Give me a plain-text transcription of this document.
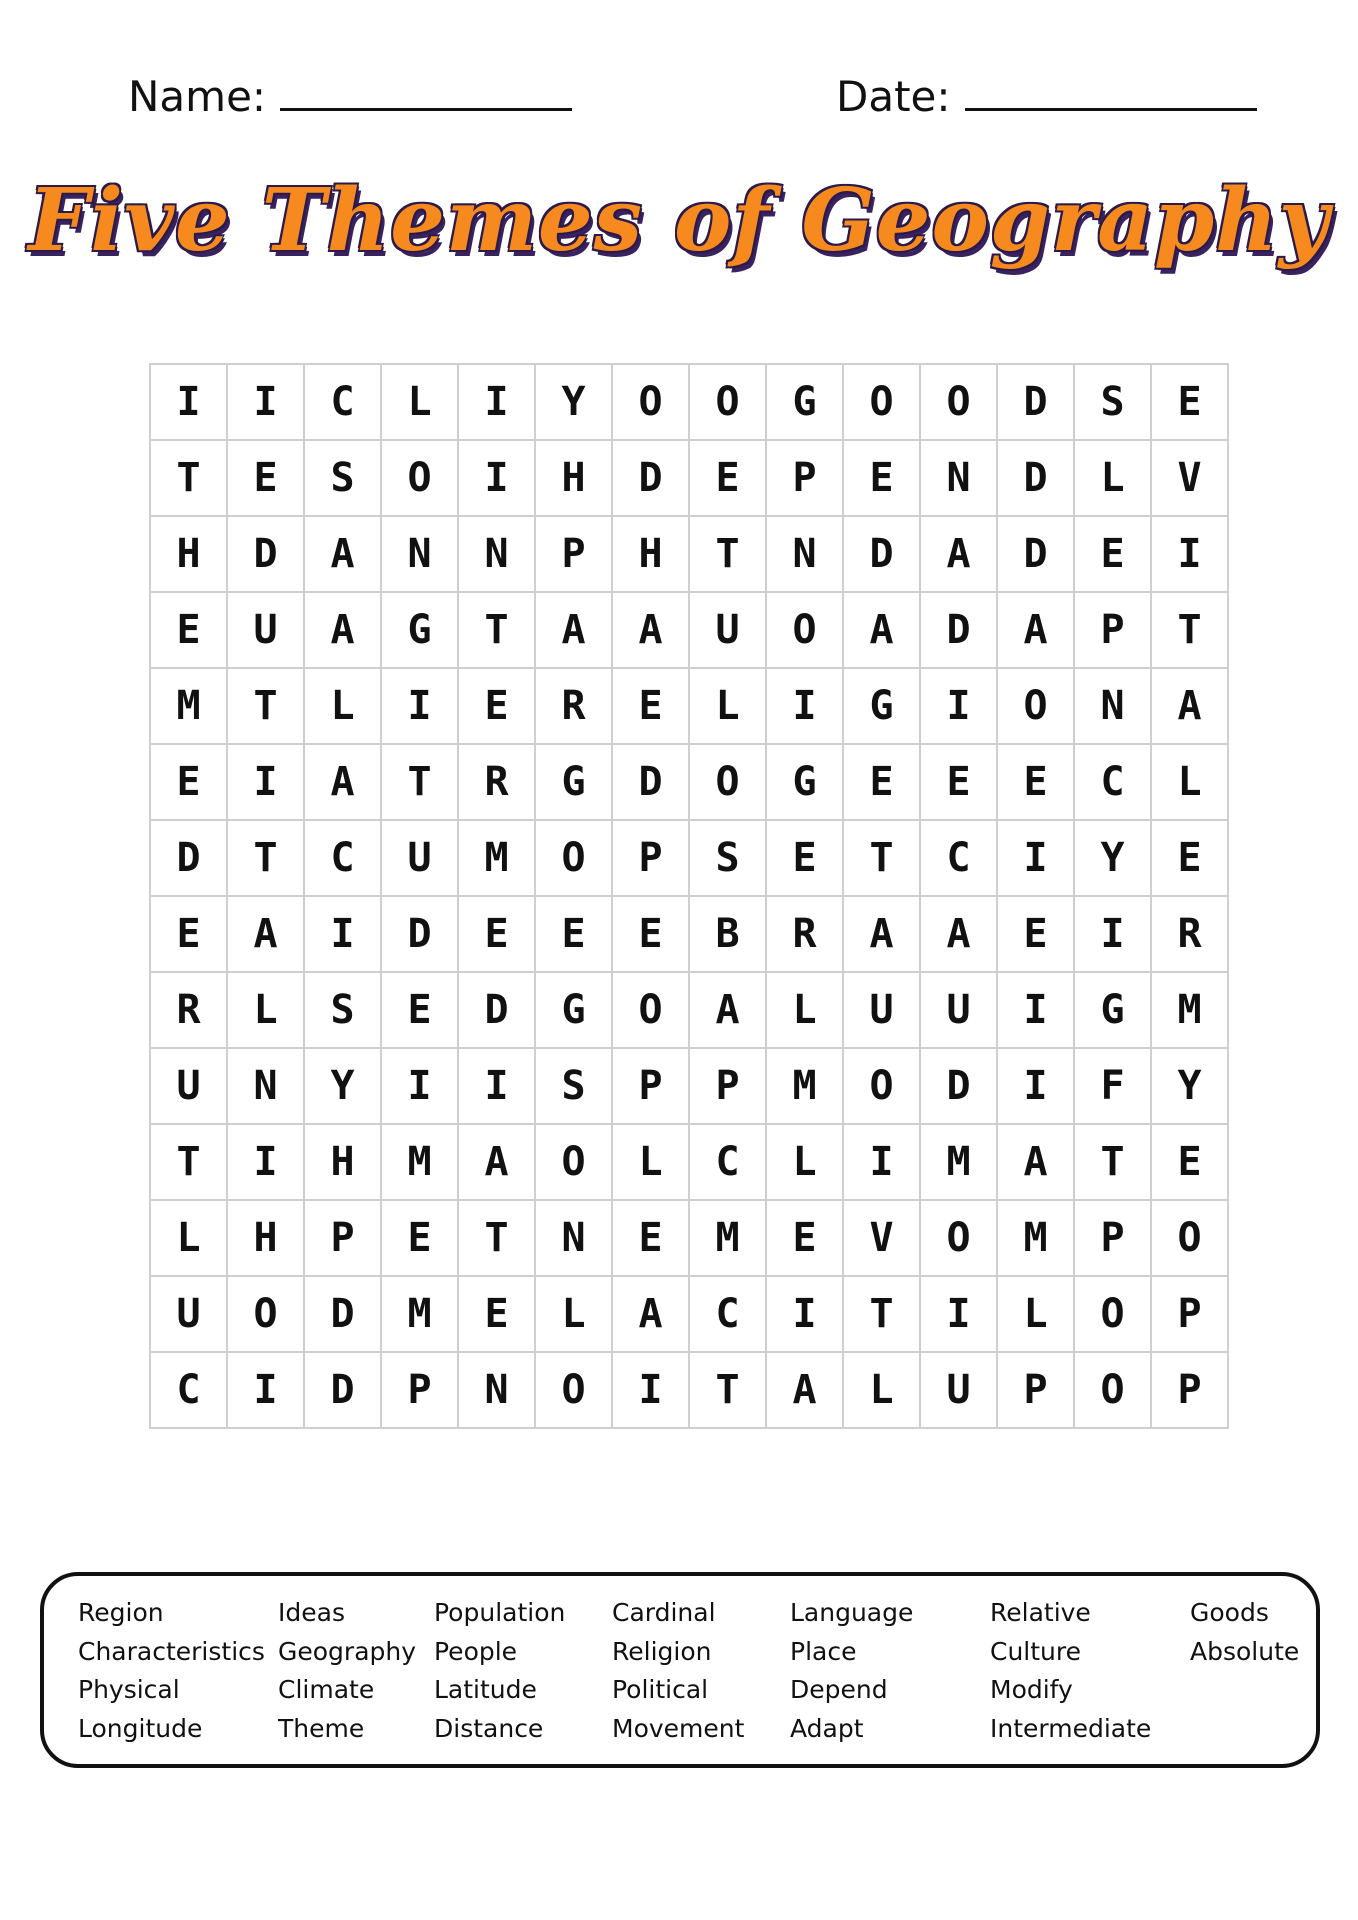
Name:	Date:
Five Themes of Geography
I	I	C	L	I	Y	O	O	G	O	O	D	S	E
T	E	S	O	I	H	D	E	P	E	N	D	L	V
H	D	A	N	N	P	H	T	N	D	A	D	E	I
E	U	A	G	T	A	A	U	O	A	D	A	P	T
M	T	L	I	E	R	E	L	I	G	I	O	N	A
E	I	A	T	R	G	D	O	G	E	E	E	C	L
D	T	C	U	M	O	P	S	E	T	C	I	Y	E
E	A	I	D	E	E	E	B	R	A	A	E	I	R
R	L	S	E	D	G	O	A	L	U	U	I	G	M
U	N	Y	I	I	S	P	P	M	O	D	I	F	Y
T	I	H	M	A	O	L	C	L	I	M	A	T	E
L	H	P	E	T	N	E	M	E	V	O	M	P	O
U	O	D	M	E	L	A	C	I	T	I	L	O	P
C	I	D	P	N	O	I	T	A	L	U	P	O	P
Region
Characteristics
Physical
Longitude
Ideas
Geography
Climate
Theme
Population
People
Latitude
Distance
Cardinal
Religion
Political
Movement
Language
Place
Depend
Adapt
Relative
Culture
Modify
Intermediate
Goods
Absolute
